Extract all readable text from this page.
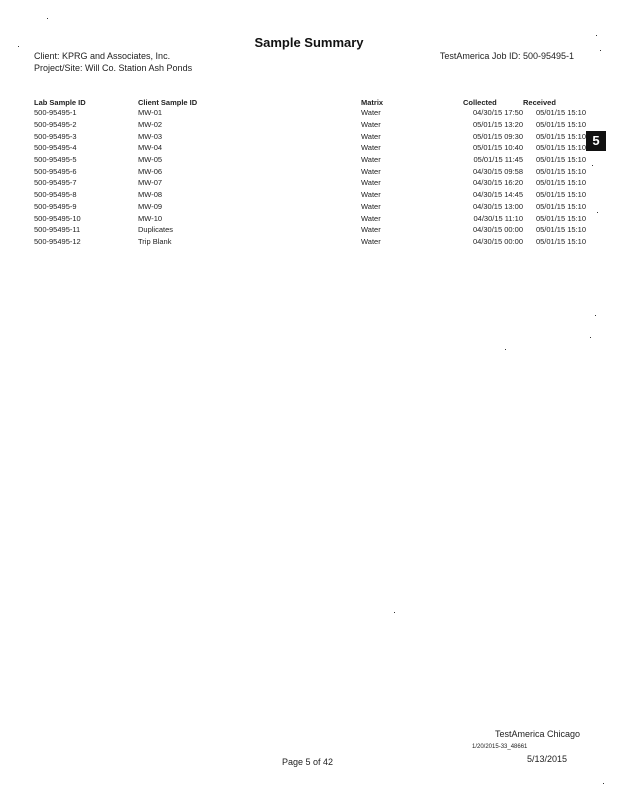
Sample Summary
Client: KPRG and Associates, Inc.
Project/Site: Will Co. Station Ash Ponds
TestAmerica Job ID: 500-95495-1
5
Lab Sample ID	Client Sample ID	Matrix	Collected	Received
500-95495-1	MW-01	Water	04/30/15 17:50	05/01/15 15:10
500-95495-2	MW-02	Water	05/01/15 13:20	05/01/15 15:10
500-95495-3	MW-03	Water	05/01/15 09:30	05/01/15 15:10
500-95495-4	MW-04	Water	05/01/15 10:40	05/01/15 15:10
500-95495-5	MW-05	Water	05/01/15 11:45	05/01/15 15:10
500-95495-6	MW-06	Water	04/30/15 09:58	05/01/15 15:10
500-95495-7	MW-07	Water	04/30/15 16:20	05/01/15 15:10
500-95495-8	MW-08	Water	04/30/15 14:45	05/01/15 15:10
500-95495-9	MW-09	Water	04/30/15 13:00	05/01/15 15:10
500-95495-10	MW-10	Water	04/30/15 11:10	05/01/15 15:10
500-95495-11	Duplicates	Water	04/30/15 00:00	05/01/15 15:10
500-95495-12	Trip Blank	Water	04/30/15 00:00	05/01/15 15:10
TestAmerica Chicago
1/20/2015-33_48661
Page 5 of 42	5/13/2015
